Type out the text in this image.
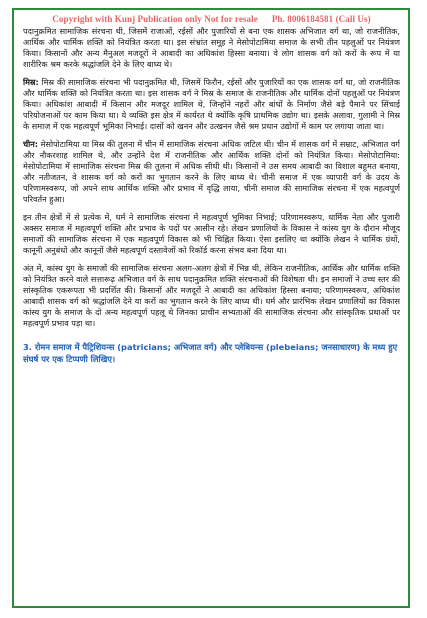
Copyright with Kunj Publication only Not for resale Ph. 8006184581 (Call Us)

पदानुक्रमित सामाजिक संरचना थी, जिसमें राजाओं, रईसों और पुजारियों से बना एक शासक अभिजात वर्ग था, जो राजनीतिक, आर्थिक और धार्मिक शक्ति को नियंत्रित करता था। इस संभ्रांत समूह ने मेसोपोटामिया समाज के सभी तीन पहलुओं पर नियंत्रण किया। किसानों और अन्य मैनुअल मजदूरों ने आबादी का अधिकांश हिस्सा बनाया। वे लोग शासक वर्ग को करों के रूप में या शारीरिक श्रम करके श्रद्धांजलि देने के लिए बाध्य थे।

मिस्र: मिस्र की सामाजिक संरचना भी पदानुक्रमित थी, जिसमें फिरौन, रईसों और पुजारियों का एक शासक वर्ग था, जो राजनीतिक और धार्मिक शक्ति को नियंत्रित करता था। इस शासक वर्ग ने मिस्र के समाज के राजनीतिक और धार्मिक दोनों पहलुओं पर नियंत्रण किया। अधिकांश आबादी में किसान और मजदूर शामिल थे, जिन्होंने नहरों और बांधों के निर्माण जैसे बड़े पैमाने पर सिंचाई परियोजनाओं पर काम किया था। ये व्यक्ति इस क्षेत्र में कार्यरत थे क्योंकि कृषि प्राथमिक उद्योग था। इसके अलावा, गुलामी ने मिस्र के समाज में एक महत्वपूर्ण भूमिका निभाई। दासों को खनन और उत्खनन जैसे श्रम प्रधान उद्योगों में काम पर लगाया जाता था।

चीन: मेसोपोटामिया या मिस्र की तुलना में चीन में सामाजिक संरचना अधिक जटिल थी। चीन में शासक वर्ग में सम्राट, अभिजात वर्ग और नौकरशाह शामिल थे, और उन्होंने देश में राजनीतिक और आर्थिक शक्ति दोनों को नियंत्रित किया। मेसोपोटामिया: मेसोपोटामिया में सामाजिक संरचना मिस्र की तुलना में अधिक सीधी थी। किसानों ने उस समय आबादी का विशाल बहुमत बनाया, और नतीजतन, वे शासक वर्ग को करों का भुगतान करने के लिए बाध्य थे। चीनी समाज में एक व्यापारी वर्ग के उदय के परिणामस्वरूप, जो अपने साथ आर्थिक शक्ति और प्रभाव में वृद्धि लाया, चीनी समाज की सामाजिक संरचना में एक महत्वपूर्ण परिवर्तन हुआ।

इन तीन क्षेत्रों में से प्रत्येक में, धर्म ने सामाजिक संरचना में महत्वपूर्ण भूमिका निभाई; परिणामस्वरूप, धार्मिक नेता और पुजारी अक्सर समाज में महत्वपूर्ण शक्ति और प्रभाव के पदों पर आसीन रहे। लेखन प्रणालियों के विकास ने कांस्य युग के दौरान मौजूद समाजों की सामाजिक संरचना में एक महत्वपूर्ण विकास को भी चिह्नित किया। ऐसा इसलिए था क्योंकि लेखन ने धार्मिक ग्रंथों, कानूनी अनुबंधों और कानूनों जैसे महत्वपूर्ण दस्तावेजों को रिकॉर्ड करना संभव बना दिया था।

अंत में, कांस्य युग के समाजों की सामाजिक संरचना अलग-अलग क्षेत्रों में भिन्न थी, लेकिन राजनीतिक, आर्थिक और धार्मिक शक्ति को नियंत्रित करने वाले सत्तारूढ़ अभिजात वर्ग के साथ पदानुक्रमित शक्ति संरचनाओं की विशेषता थी। इन समाजों ने उच्च स्तर की सांस्कृतिक एकरूपता भी प्रदर्शित की। किसानों और मजदूरों ने आबादी का अधिकांश हिस्सा बनाया; परिणामस्वरूप, अधिकांश आबादी शासक वर्ग को श्रद्धांजलि देने या करों का भुगतान करने के लिए बाध्य थी। धर्म और प्रारंभिक लेखन प्रणालियों का विकास कांस्य युग के समाज के दो अन्य महत्वपूर्ण पहलू थे जिनका प्राचीन सभ्यताओं की सामाजिक संरचना और सांस्कृतिक प्रथाओं पर महत्वपूर्ण प्रभाव पड़ा था।

3. रोमन समाज में पैट्रिशियन्स (patricians; अभिजात वर्ग) और प्लेबियन्स (plebeians; जनसाधारण) के मध्य हुए संघर्ष पर एक टिप्पणी लिखिए।
